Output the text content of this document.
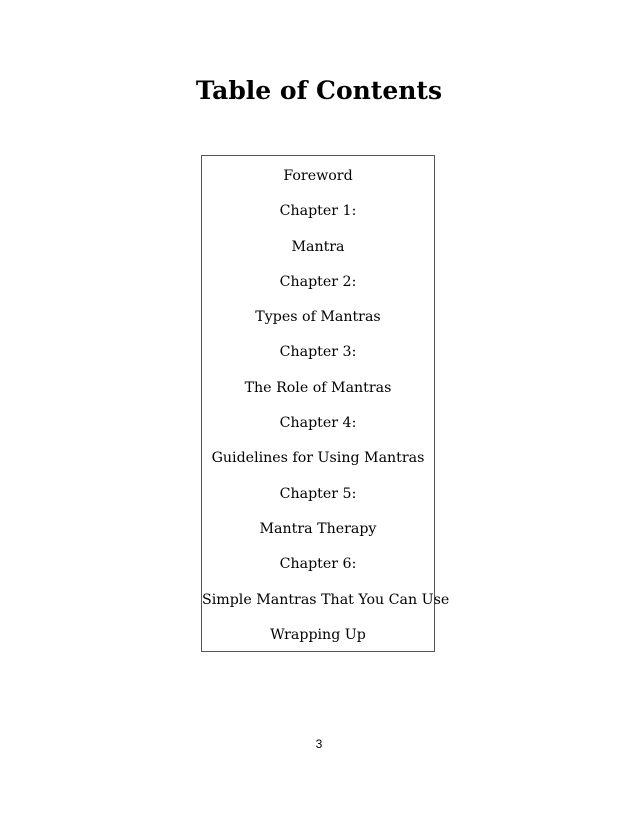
Table of Contents
Foreword
Chapter 1:
Mantra
Chapter 2:
Types of Mantras
Chapter 3:
The Role of Mantras
Chapter 4:
Guidelines for Using Mantras
Chapter 5:
Mantra Therapy
Chapter 6:
Simple Mantras That You Can Use
Wrapping Up
3
